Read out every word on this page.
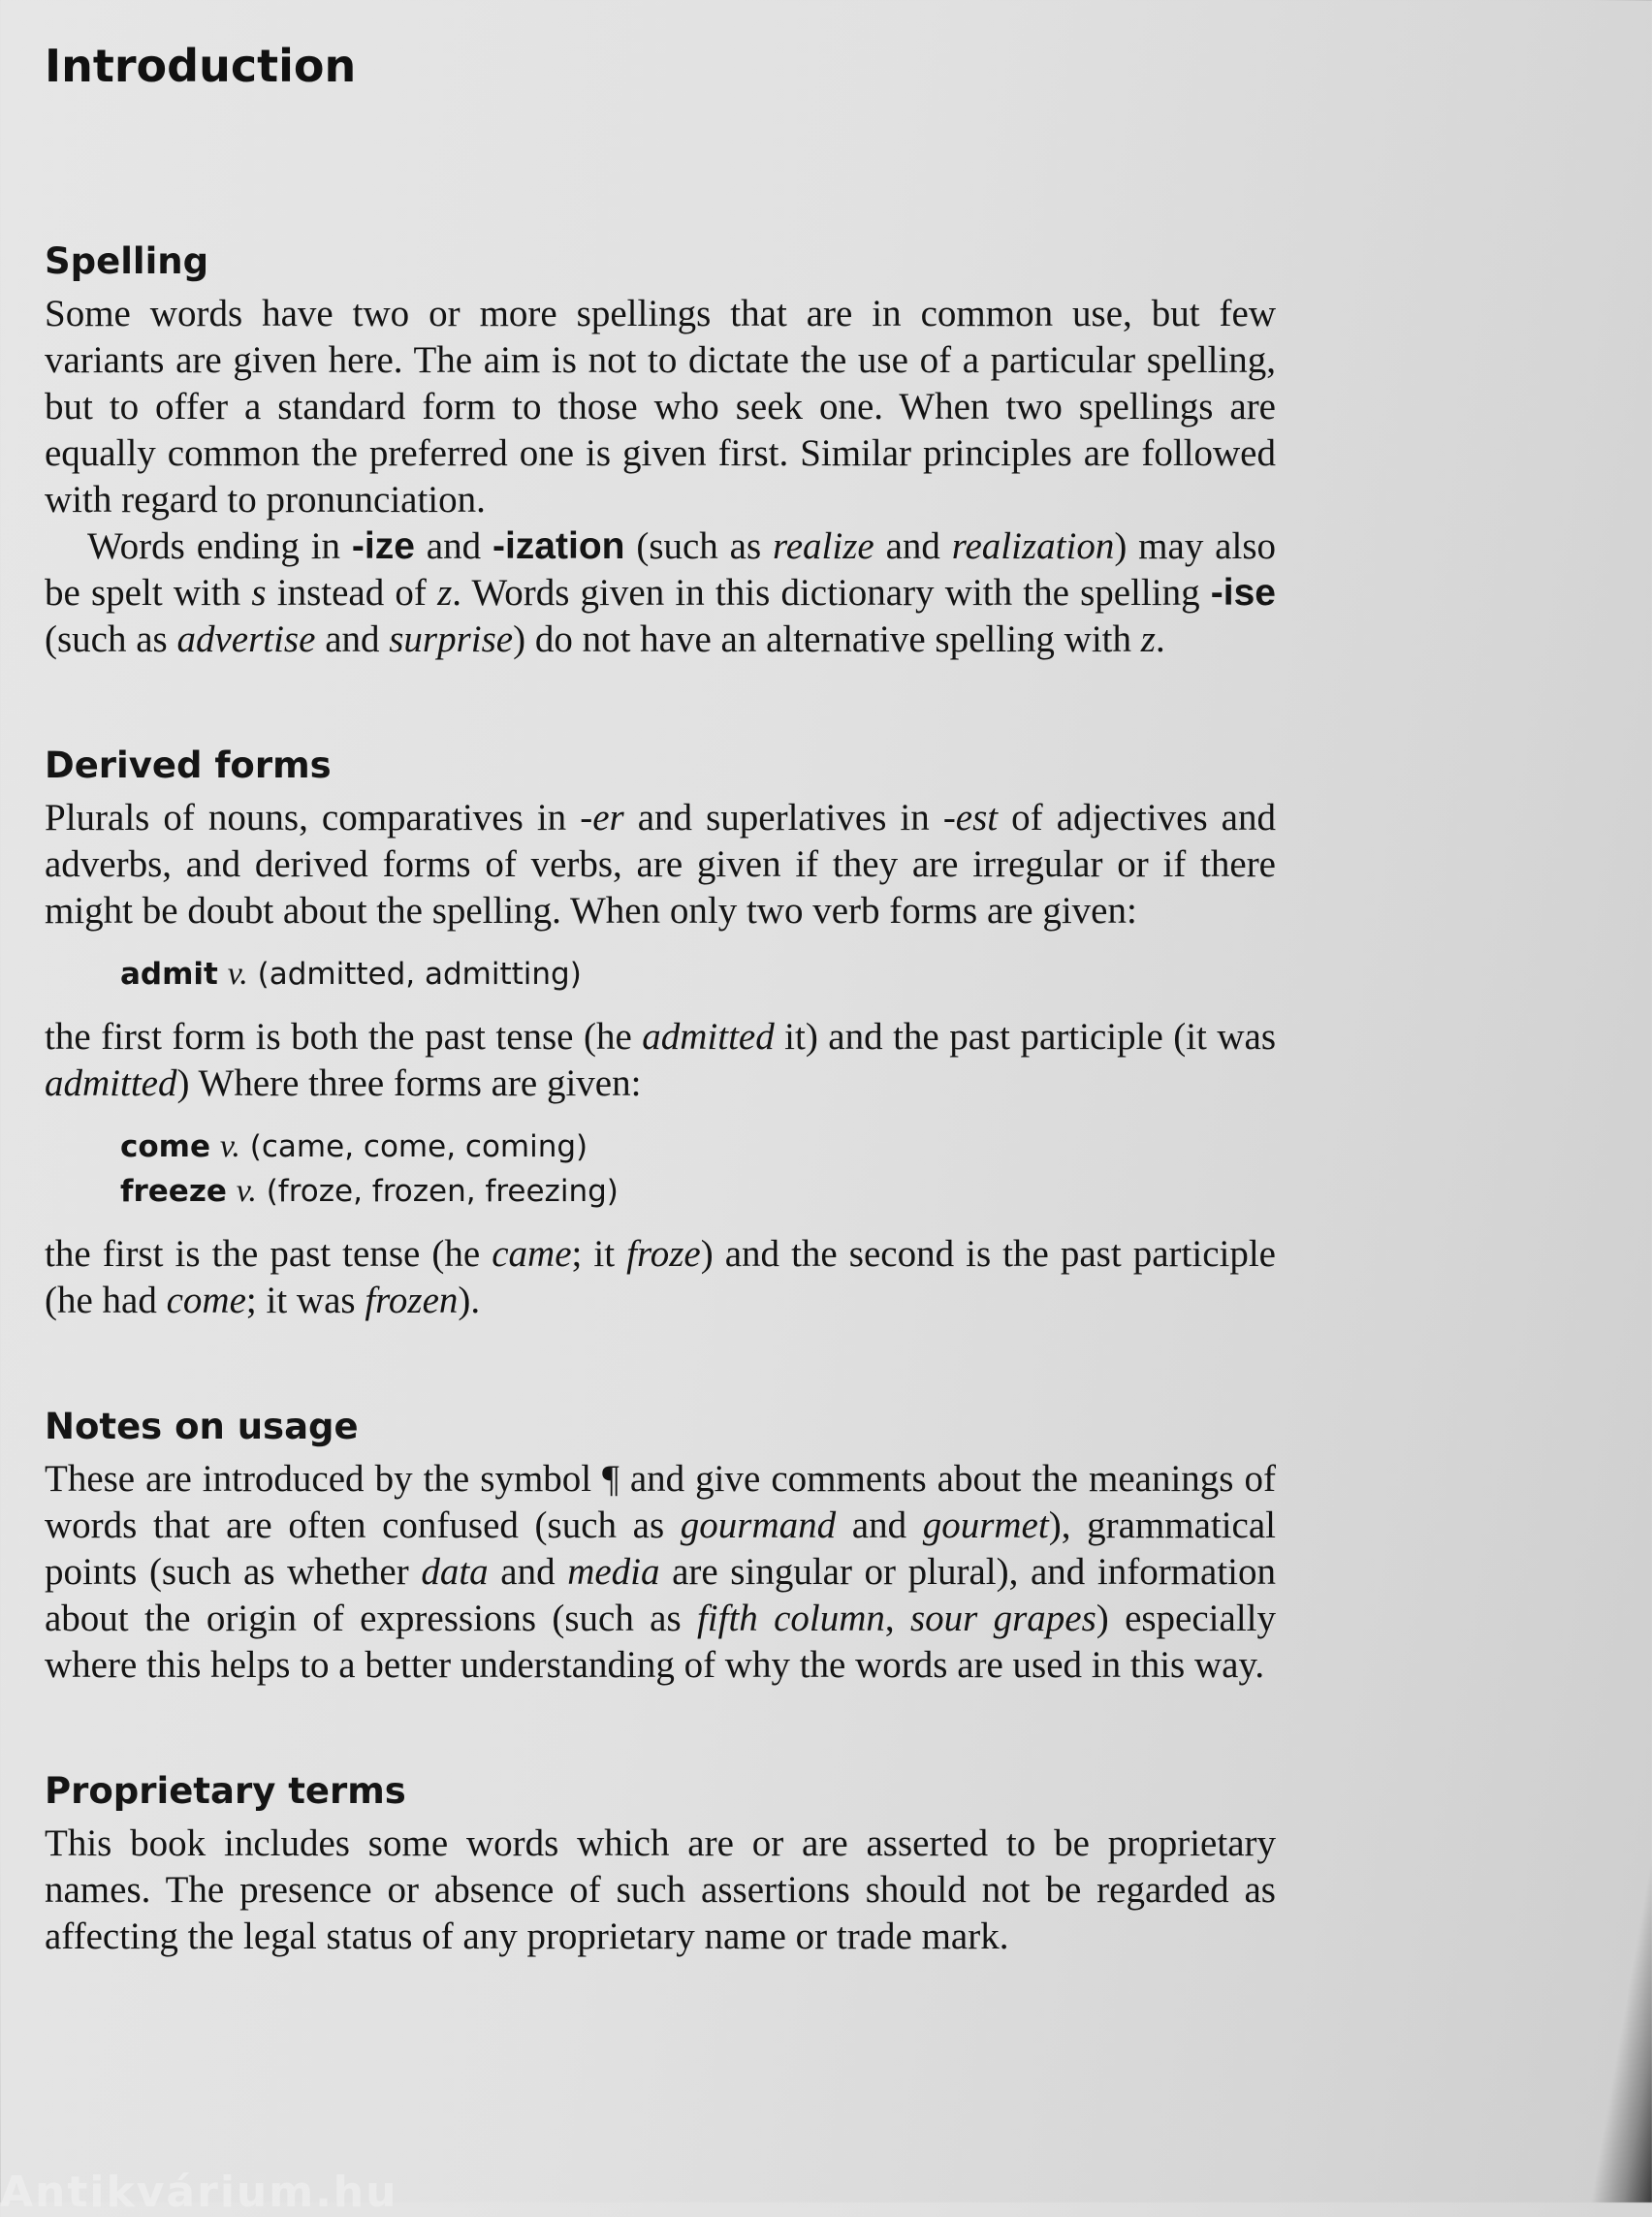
Introduction
Spelling

Some words have two or more spellings that are in common use, but few variants are given here. The aim is not to dictate the use of a particular spelling, but to offer a standard form to those who seek one. When two spellings are equally common the preferred one is given first. Similar principles are followed with regard to pronunciation.

Words ending in -ize and -ization (such as realize and realization) may also be spelt with s instead of z. Words given in this dictionary with the spelling -ise (such as advertise and surprise) do not have an alternative spelling with z.

Derived forms

Plurals of nouns, comparatives in -er and superlatives in -est of adjectives and adverbs, and derived forms of verbs, are given if they are irregular or if there might be doubt about the spelling. When only two verb forms are given:

admit v. (admitted, admitting)

the first form is both the past tense (he admitted it) and the past participle (it was admitted) Where three forms are given:

come v. (came, come, coming)
freeze v. (froze, frozen, freezing)

the first is the past tense (he came; it froze) and the second is the past participle (he had come; it was frozen).

Notes on usage

These are introduced by the symbol ¶ and give comments about the meanings of words that are often confused (such as gourmand and gourmet), grammatical points (such as whether data and media are singular or plural), and information about the origin of expressions (such as fifth column, sour grapes) especially where this helps to a better understanding of why the words are used in this way.

Proprietary terms

This book includes some words which are or are asserted to be proprietary names. The presence or absence of such assertions should not be regarded as affecting the legal status of any proprietary name or trade mark.

Antikvárium.hu
